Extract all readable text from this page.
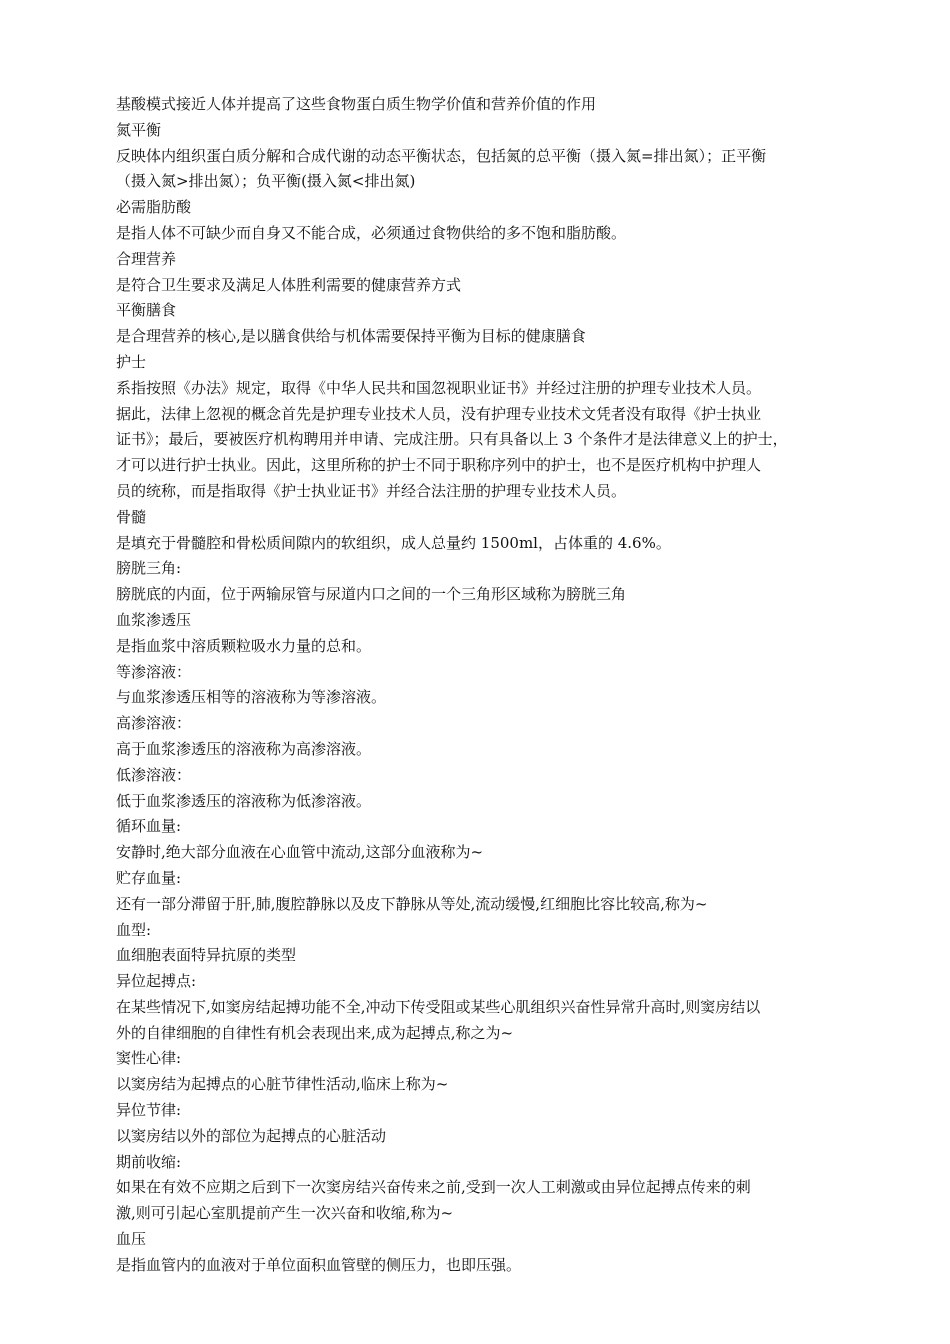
基酸模式接近人体并提高了这些食物蛋白质生物学价值和营养价值的作用
氮平衡
反映体内组织蛋白质分解和合成代谢的动态平衡状态，包括氮的总平衡（摄入氮=排出氮）；正平衡
（摄入氮>排出氮）；负平衡(摄入氮<排出氮)
必需脂肪酸
是指人体不可缺少而自身又不能合成，必须通过食物供给的多不饱和脂肪酸。
合理营养
是符合卫生要求及满足人体胜利需要的健康营养方式
平衡膳食
是合理营养的核心,是以膳食供给与机体需要保持平衡为目标的健康膳食
护士
系指按照《办法》规定，取得《中华人民共和国忽视职业证书》并经过注册的护理专业技术人员。
据此，法律上忽视的概念首先是护理专业技术人员，没有护理专业技术文凭者没有取得《护士执业
证书》；最后，要被医疗机构聘用并申请、完成注册。只有具备以上 3 个条件才是法律意义上的护士，
才可以进行护士执业。因此，这里所称的护士不同于职称序列中的护士，也不是医疗机构中护理人
员的统称，而是指取得《护士执业证书》并经合法注册的护理专业技术人员。
骨髓
是填充于骨髓腔和骨松质间隙内的软组织，成人总量约 1500ml，占体重的 4.6%。
膀胱三角:
膀胱底的内面，位于两输尿管与尿道内口之间的一个三角形区域称为膀胱三角
血浆渗透压
是指血浆中溶质颗粒吸水力量的总和。
等渗溶液：
与血浆渗透压相等的溶液称为等渗溶液。
高渗溶液：
高于血浆渗透压的溶液称为高渗溶液。
低渗溶液：
低于血浆渗透压的溶液称为低渗溶液。
循环血量:
安静时,绝大部分血液在心血管中流动,这部分血液称为~
贮存血量:
还有一部分滞留于肝,肺,腹腔静脉以及皮下静脉从等处,流动缓慢,红细胞比容比较高,称为~
血型:
血细胞表面特异抗原的类型
异位起搏点:
在某些情况下,如窦房结起搏功能不全,冲动下传受阻或某些心肌组织兴奋性异常升高时,则窦房结以
外的自律细胞的自律性有机会表现出来,成为起搏点,称之为~
窦性心律:
以窦房结为起搏点的心脏节律性活动,临床上称为~
异位节律:
以窦房结以外的部位为起搏点的心脏活动
期前收缩:
如果在有效不应期之后到下一次窦房结兴奋传来之前,受到一次人工刺激或由异位起搏点传来的刺
激,则可引起心室肌提前产生一次兴奋和收缩,称为~
血压
是指血管内的血液对于单位面积血管壁的侧压力，也即压强。
